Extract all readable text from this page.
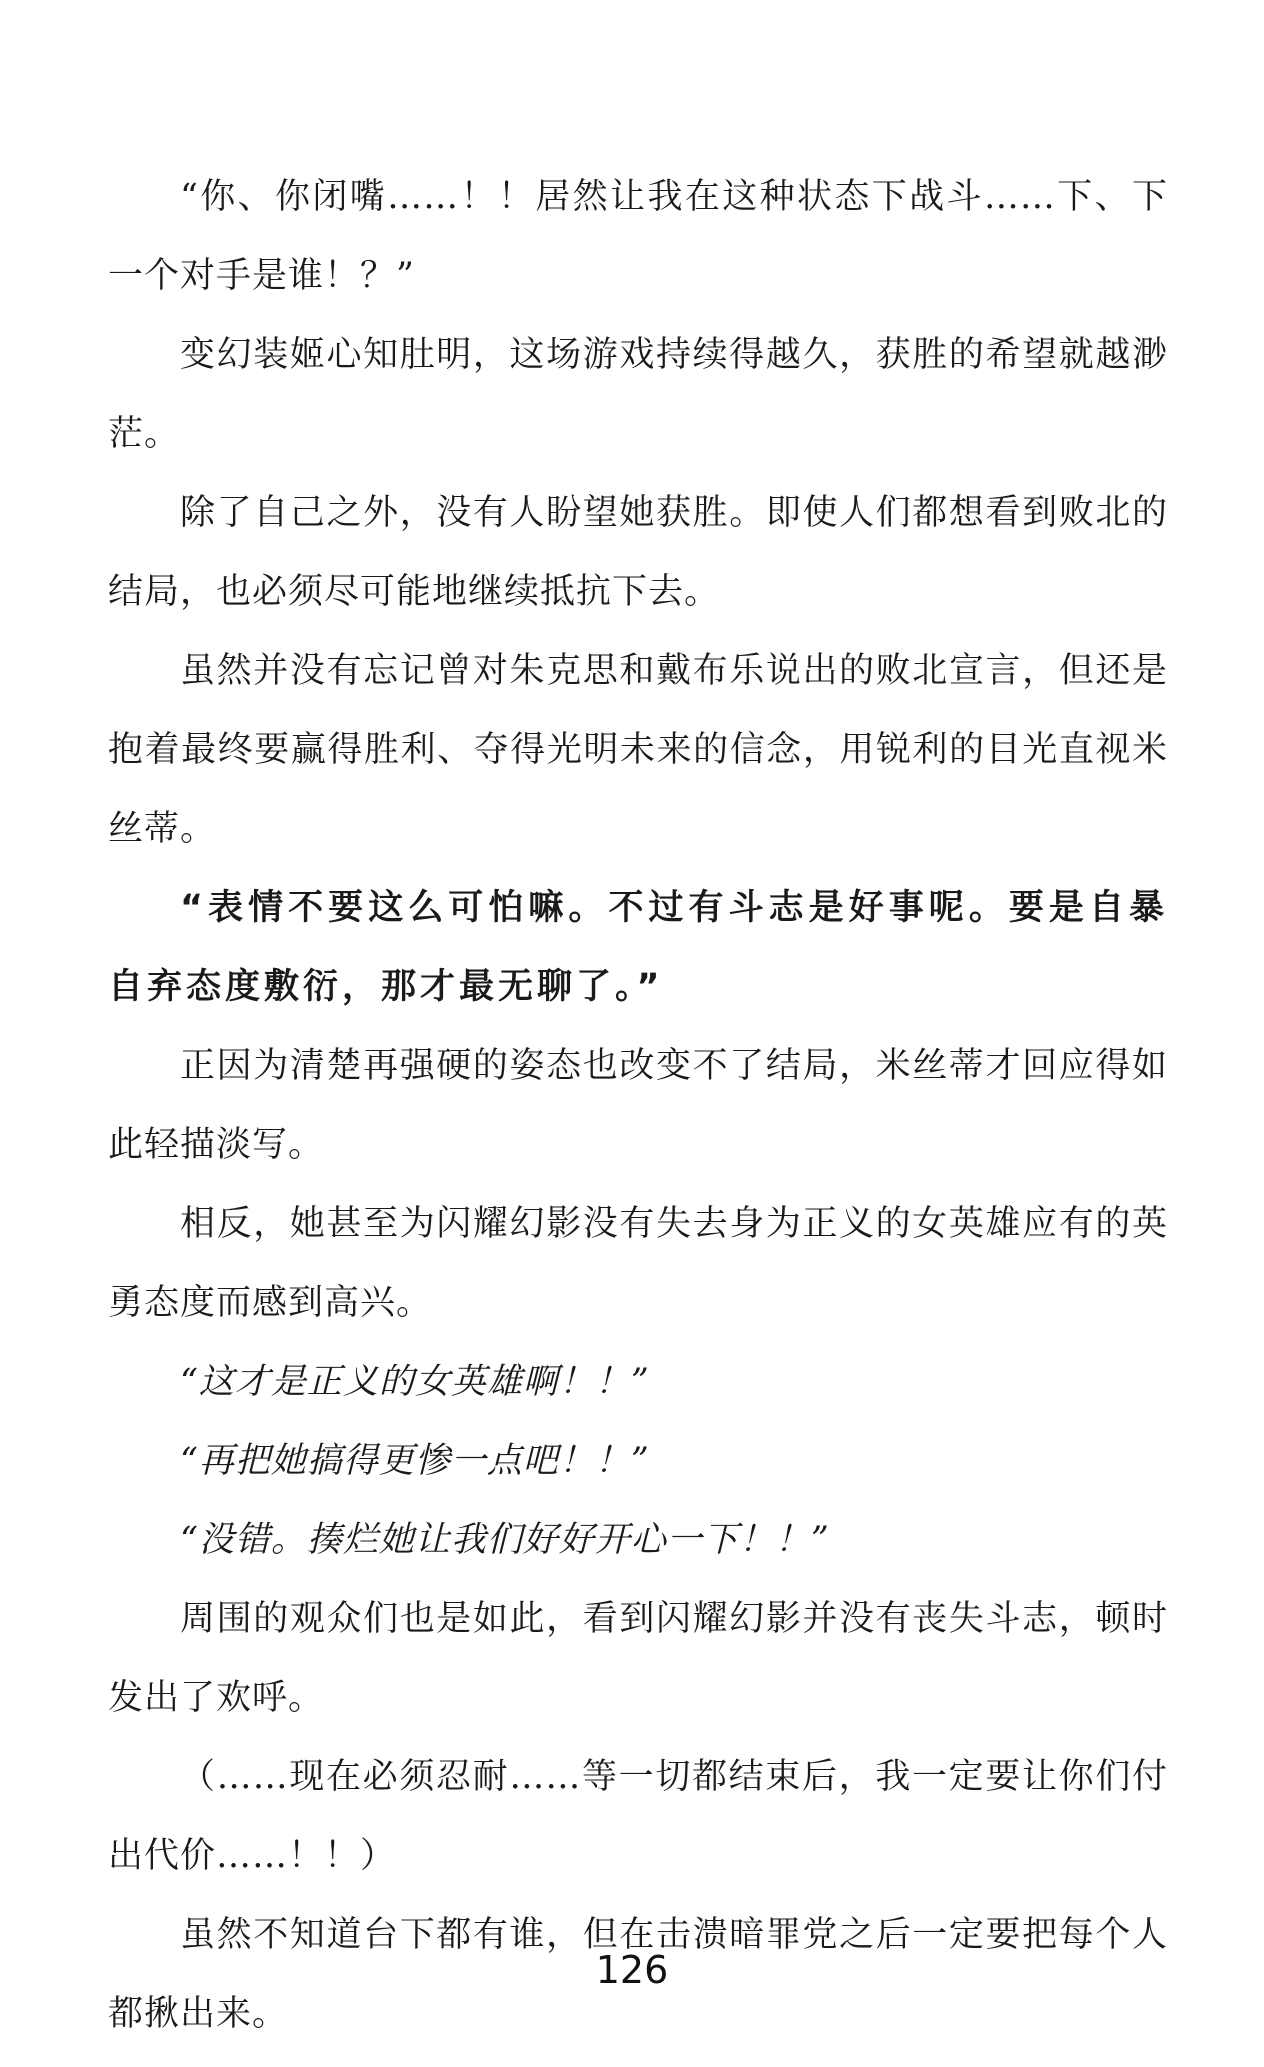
“你、你闭嘴……！！居然让我在这种状态下战斗……下、下一个对手是谁！？”

变幻装姬心知肚明，这场游戏持续得越久，获胜的希望就越渺茫。

除了自己之外，没有人盼望她获胜。即使人们都想看到败北的结局，也必须尽可能地继续抵抗下去。

虽然并没有忘记曾对朱克思和戴布乐说出的败北宣言，但还是抱着最终要赢得胜利、夺得光明未来的信念，用锐利的目光直视米丝蒂。

“表情不要这么可怕嘛。不过有斗志是好事呢。要是自暴自弃态度敷衍，那才最无聊了。”

正因为清楚再强硬的姿态也改变不了结局，米丝蒂才回应得如此轻描淡写。

相反，她甚至为闪耀幻影没有失去身为正义的女英雄应有的英勇态度而感到高兴。

“这才是正义的女英雄啊！！”

“再把她搞得更惨一点吧！！”

“没错。揍烂她让我们好好开心一下！！”

周围的观众们也是如此，看到闪耀幻影并没有丧失斗志，顿时发出了欢呼。

（……现在必须忍耐……等一切都结束后，我一定要让你们付出代价……！！）

虽然不知道台下都有谁，但在击溃暗罪党之后一定要把每个人都揪出来。

126
